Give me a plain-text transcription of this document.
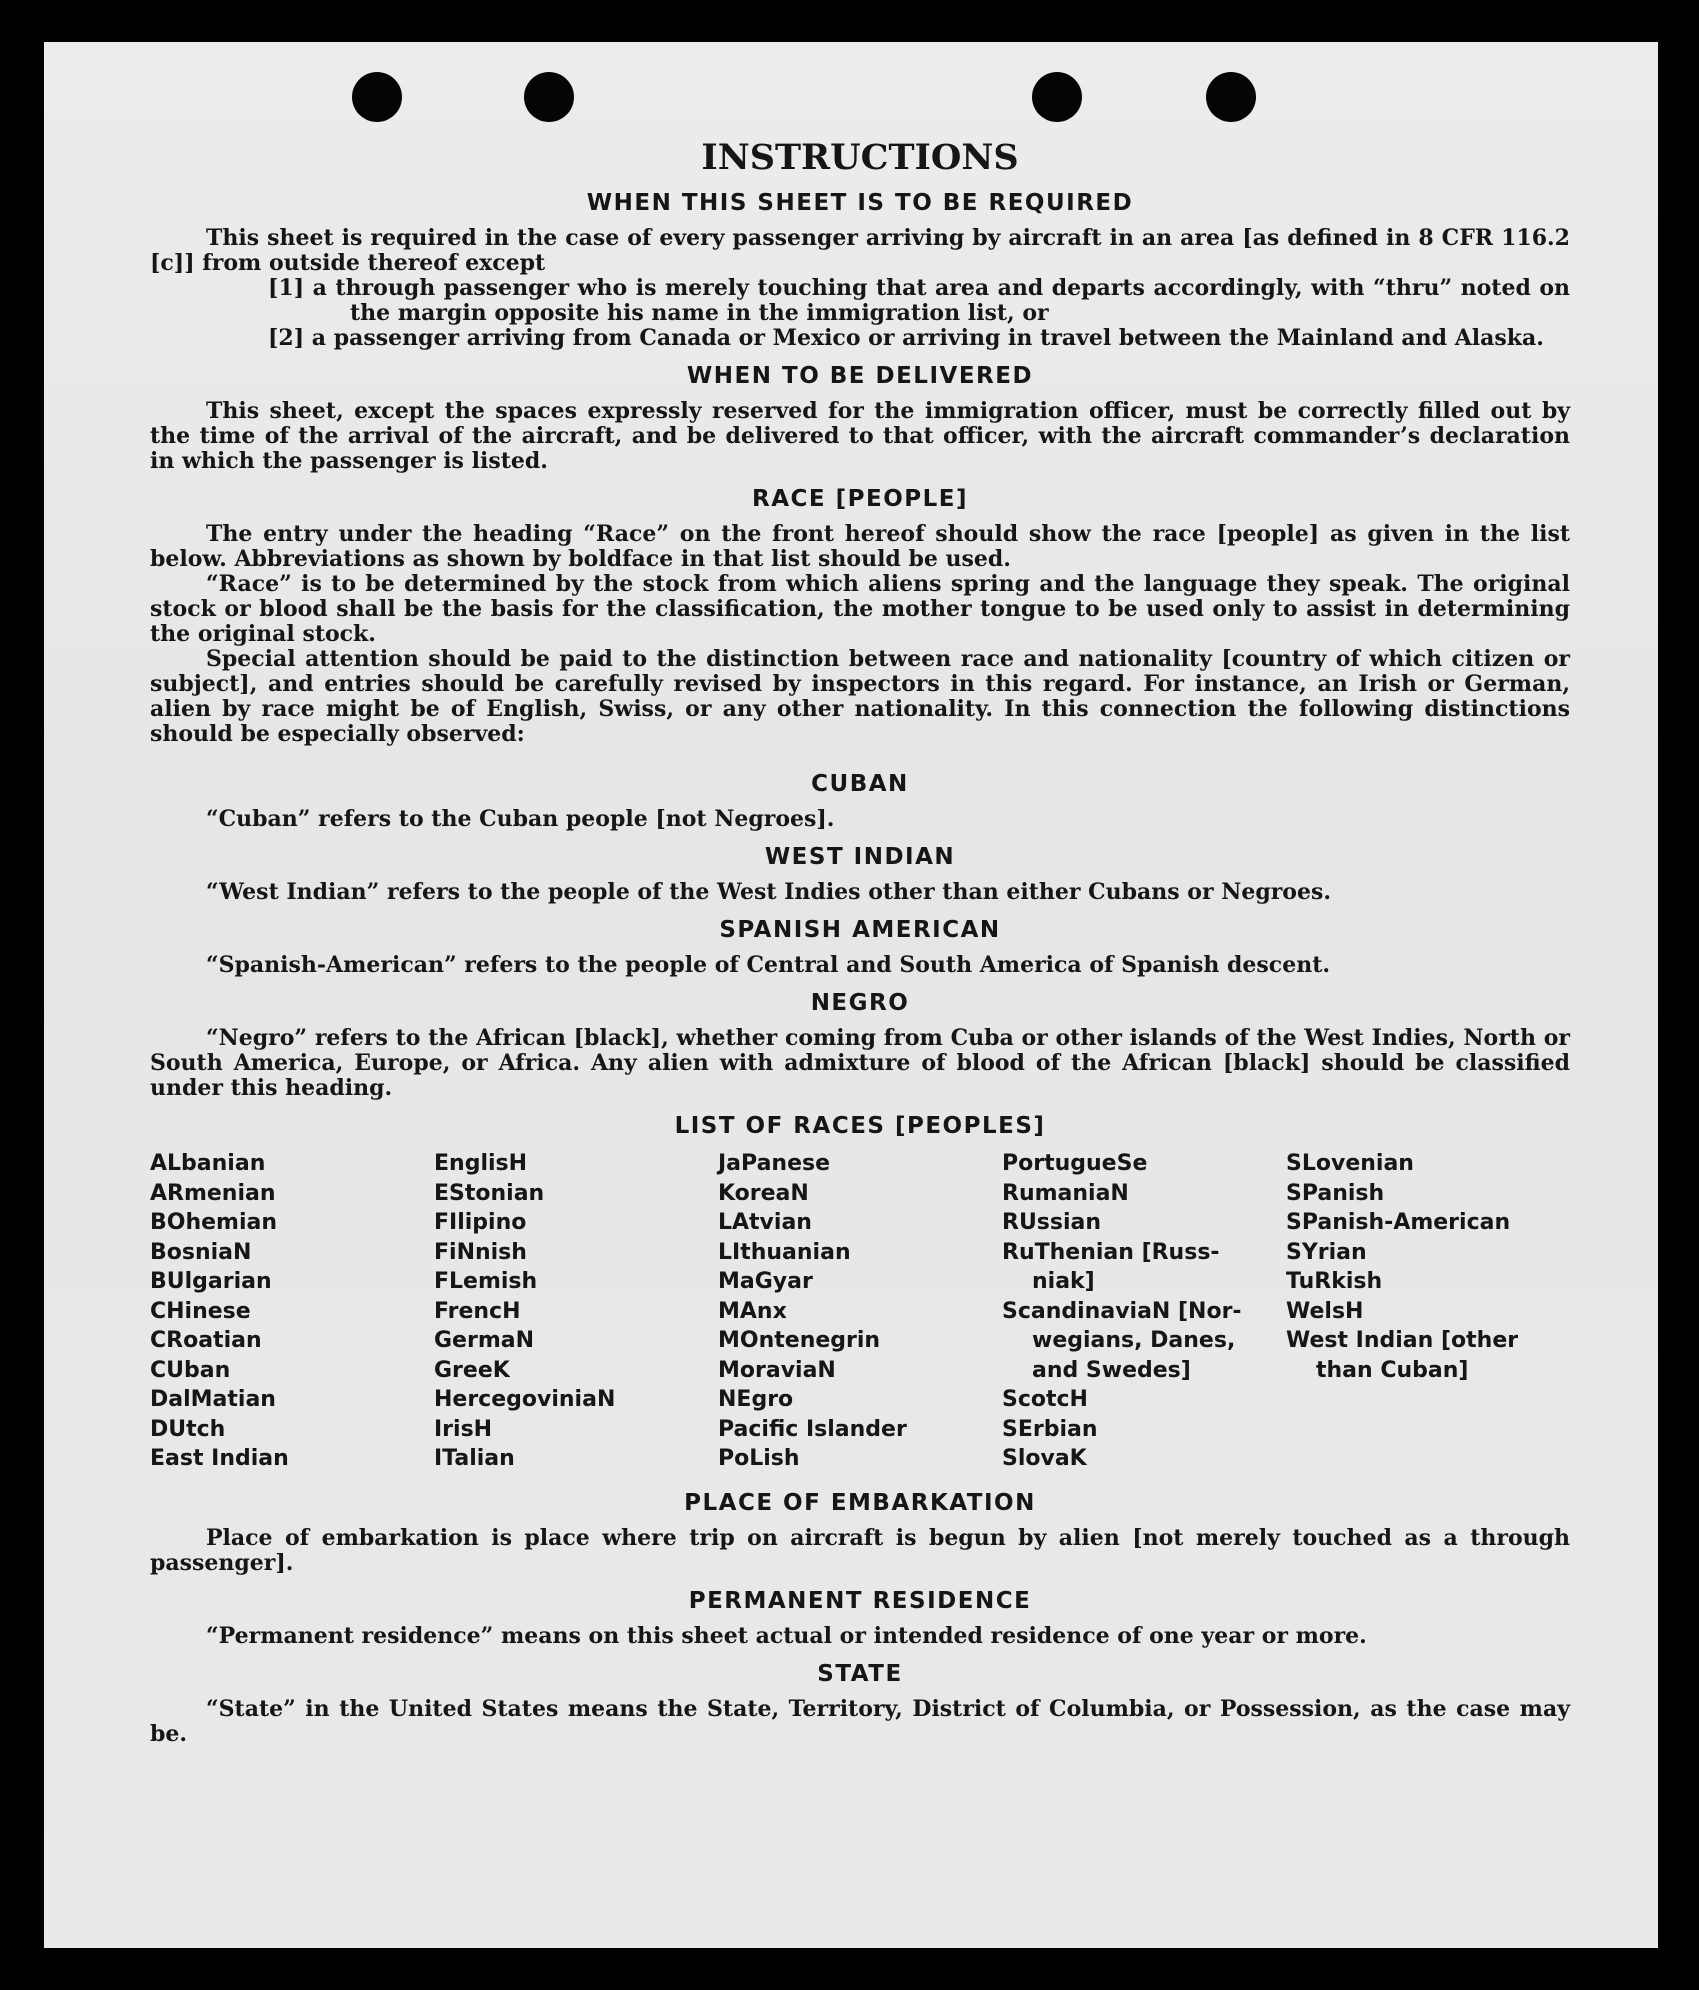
INSTRUCTIONS
WHEN THIS SHEET IS TO BE REQUIRED

This sheet is required in the case of every passenger arriving by aircraft in an area [as defined in 8 CFR 116.2 [c]] from outside thereof except

[1] a through passenger who is merely touching that area and departs accordingly, with “thru” noted on the margin opposite his name in the immigration list, or

[2] a passenger arriving from Canada or Mexico or arriving in travel between the Mainland and Alaska.

WHEN TO BE DELIVERED

This sheet, except the spaces expressly reserved for the immigration officer, must be correctly filled out by the time of the arrival of the aircraft, and be delivered to that officer, with the aircraft commander’s declaration in which the passenger is listed.

RACE [PEOPLE]

The entry under the heading “Race” on the front hereof should show the race [people] as given in the list below. Abbreviations as shown by boldface in that list should be used.

“Race” is to be determined by the stock from which aliens spring and the language they speak. The original stock or blood shall be the basis for the classification, the mother tongue to be used only to assist in determining the original stock.

Special attention should be paid to the distinction between race and nationality [country of which citizen or subject], and entries should be carefully revised by inspectors in this regard. For instance, an Irish or German, alien by race might be of English, Swiss, or any other nationality. In this connection the following distinctions should be especially observed:

CUBAN

“Cuban” refers to the Cuban people [not Negroes].

WEST INDIAN

“West Indian” refers to the people of the West Indies other than either Cubans or Negroes.

SPANISH AMERICAN

“Spanish-American” refers to the people of Central and South America of Spanish descent.

NEGRO

“Negro” refers to the African [black], whether coming from Cuba or other islands of the West Indies, North or South America, Europe, or Africa. Any alien with admixture of blood of the African [black] should be classified under this heading.

LIST OF RACES [PEOPLES]
ALbanian
ARmenian
BOhemian
BosniaN
BUlgarian
CHinese
CRoatian
CUban
DalMatian
DUtch
East Indian
EnglisH
EStonian
FIlipino
FiNnish
FLemish
FrencH
GermaN
GreeK
HercegoviniaN
IrisH
ITalian
JaPanese
KoreaN
LAtvian
LIthuanian
MaGyar
MAnx
MOntenegrin
MoraviaN
NEgro
Pacific Islander
PoLish
PortugueSe
RumaniaN
RUssian
RuThenian [Russ-
niak]
ScandinaviaN [Nor-
wegians, Danes,
and Swedes]
ScotcH
SErbian
SlovaK
SLovenian
SPanish
SPanish-American
SYrian
TuRkish
WelsH
West Indian [other
than Cuban]
PLACE OF EMBARKATION

Place of embarkation is place where trip on aircraft is begun by alien [not merely touched as a through passenger].

PERMANENT RESIDENCE

“Permanent residence” means on this sheet actual or intended residence of one year or more.

STATE

“State” in the United States means the State, Territory, District of Columbia, or Possession, as the case may be.
